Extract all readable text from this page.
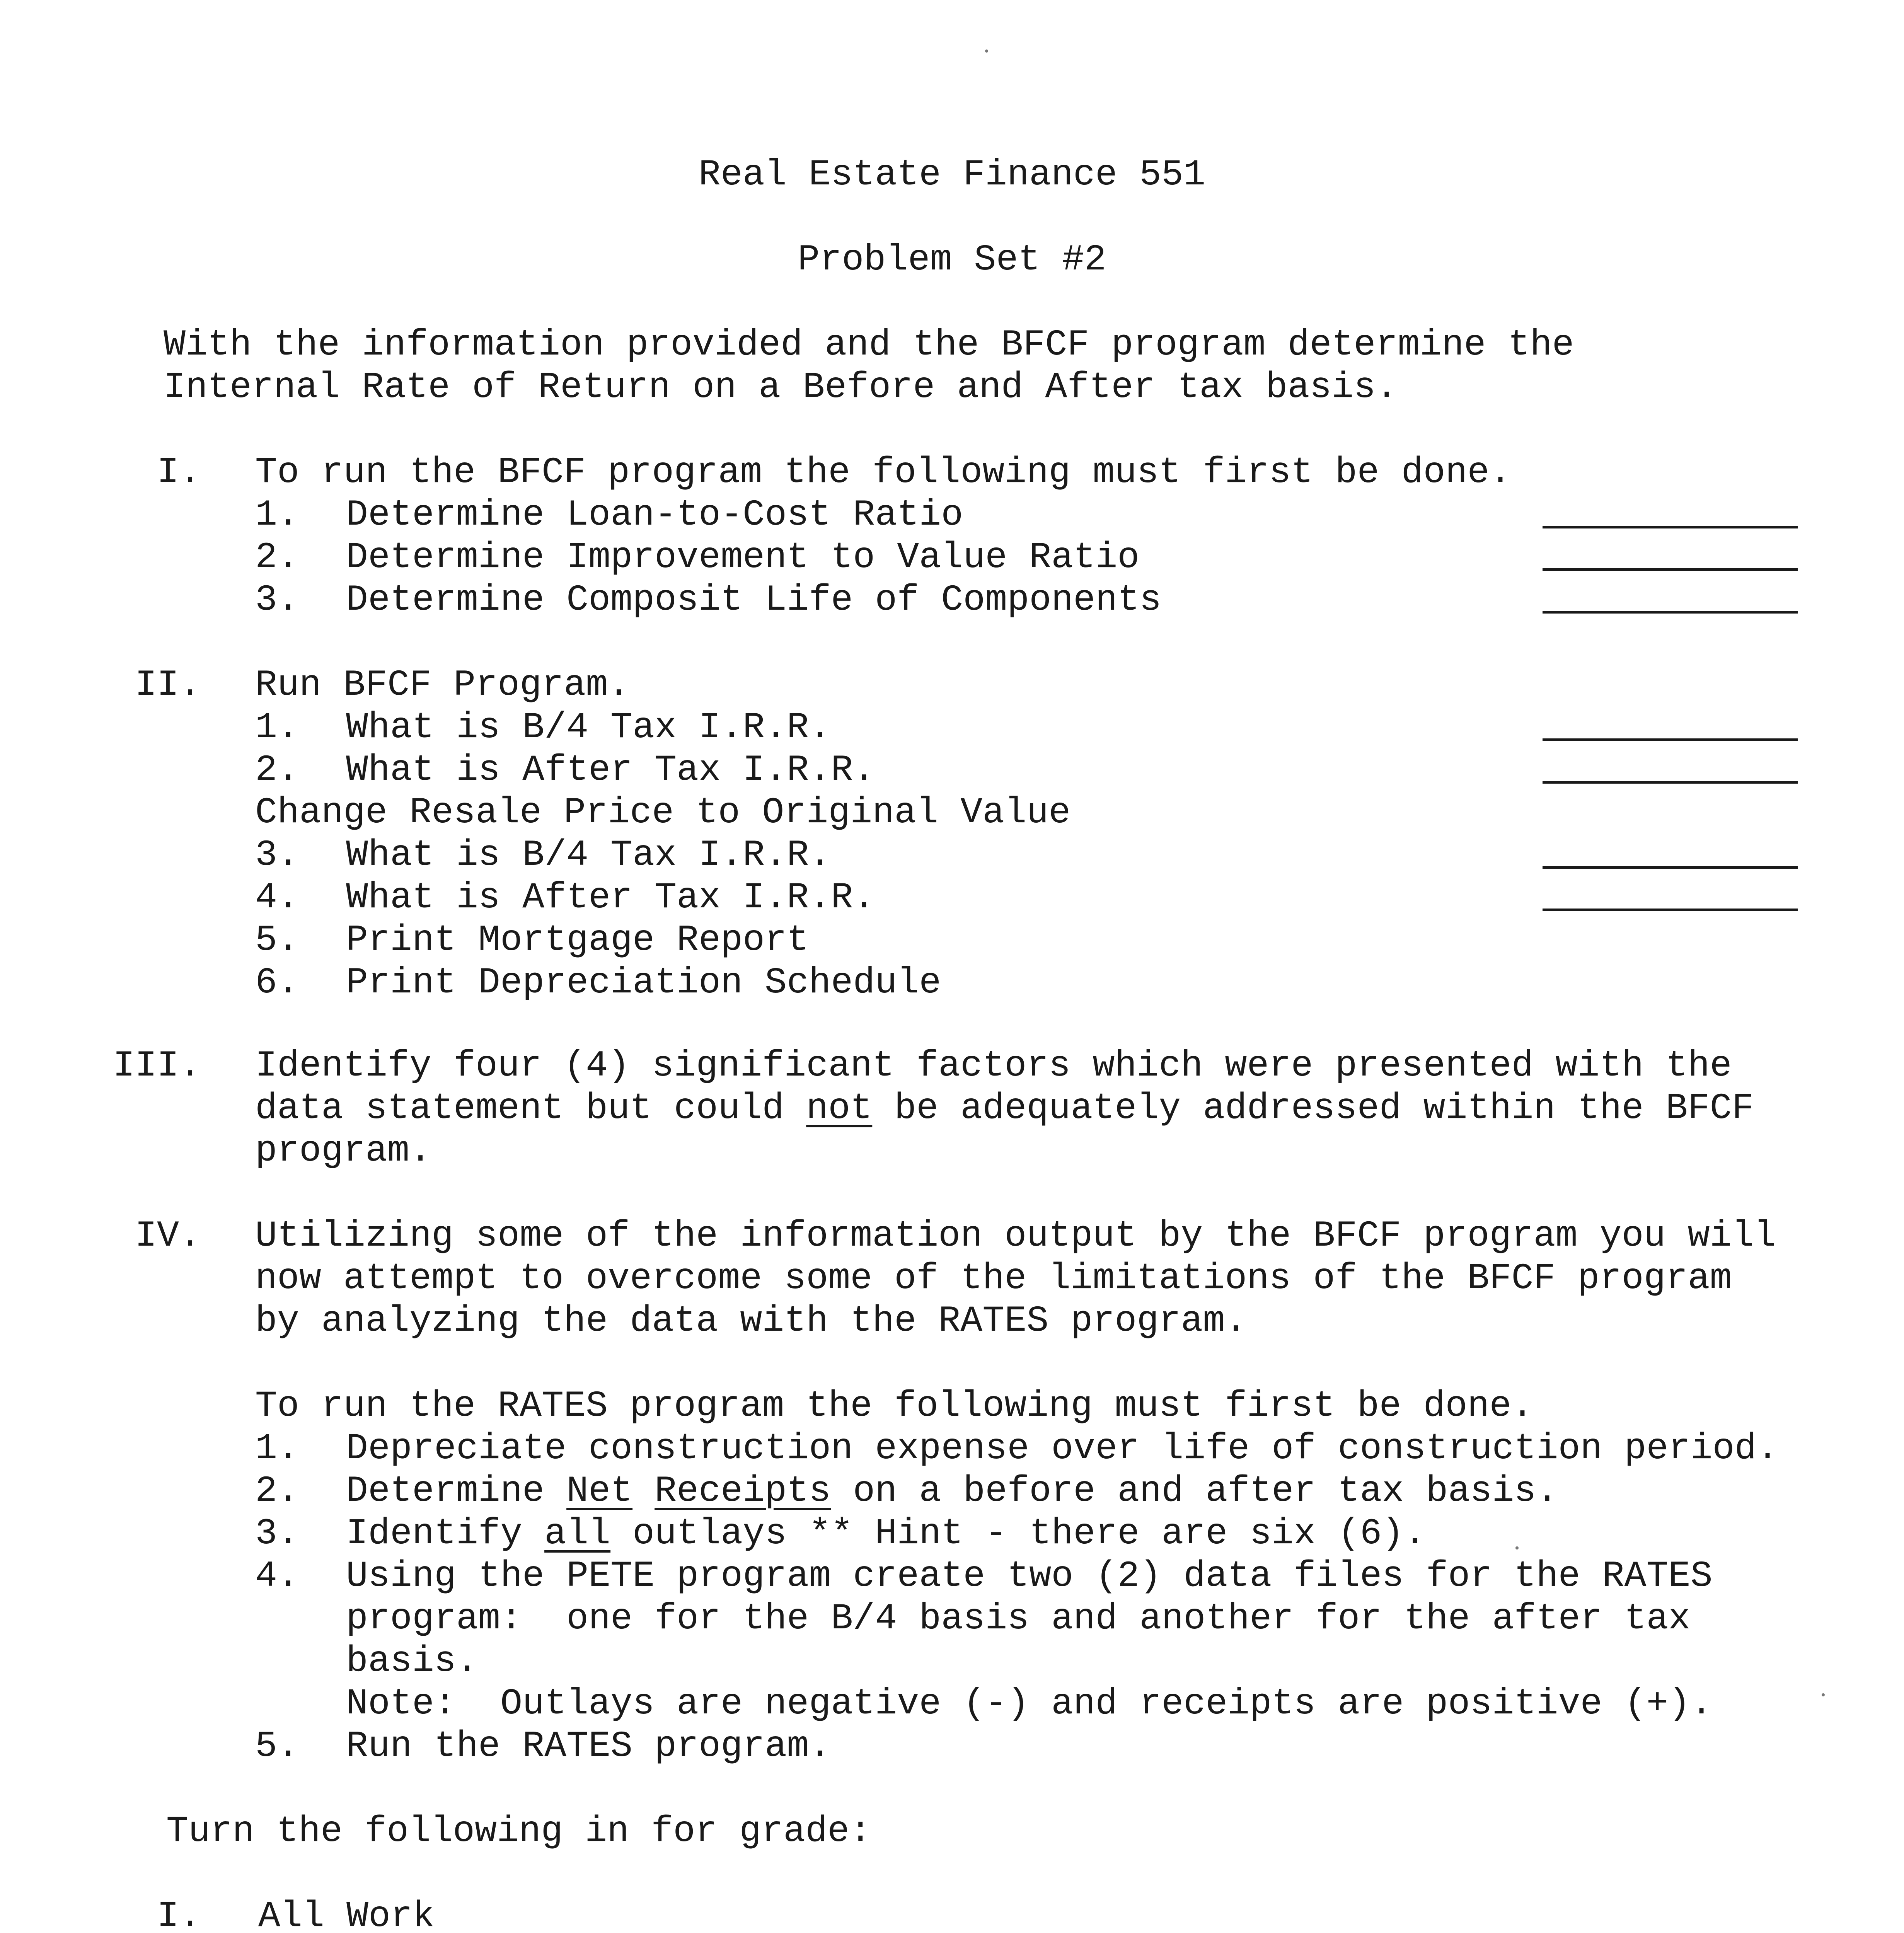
Real Estate Finance 551
Problem Set #2
With the information provided and the BFCF program determine the
Internal Rate of Return on a Before and After tax basis.
I. To run the BFCF program the following must first be done.
1. Determine Loan-to-Cost Ratio
2. Determine Improvement to Value Ratio
3. Determine Composit Life of Components
II. Run BFCF Program.
1. What is B/4 Tax I.R.R.
2. What is After Tax I.R.R.
Change Resale Price to Original Value
3. What is B/4 Tax I.R.R.
4. What is After Tax I.R.R.
5. Print Mortgage Report
6. Print Depreciation Schedule
III. Identify four (4) significant factors which were presented with the
data statement but could not be adequately addressed within the BFCF
program.
IV. Utilizing some of the information output by the BFCF program you will
now attempt to overcome some of the limitations of the BFCF program
by analyzing the data with the RATES program.
To run the RATES program the following must first be done.
1. Depreciate construction expense over life of construction period.
2. Determine Net Receipts on a before and after tax basis.
3. Identify all outlays ** Hint - there are six (6).
4. Using the PETE program create two (2) data files for the RATES
program:  one for the B/4 basis and another for the after tax
basis.
Note:  Outlays are negative (-) and receipts are positive (+).
5. Run the RATES program.
Turn the following in for grade:
I. All Work
